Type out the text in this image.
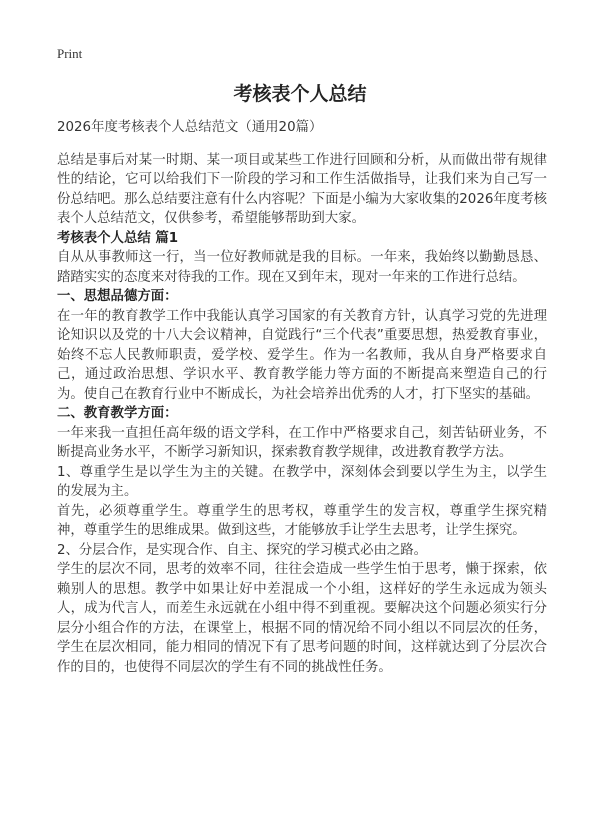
Print
考核表个人总结

2026年度考核表个人总结范文（通用20篇）

总结是事后对某一时期、某一项目或某些工作进行回顾和分析，从而做出带有规律性的结论，它可以给我们下一阶段的学习和工作生活做指导，让我们来为自己写一份总结吧。那么总结要注意有什么内容呢？下面是小编为大家收集的2026年度考核表个人总结范文，仅供参考，希望能够帮助到大家。

考核表个人总结 篇1

自从从事教师这一行，当一位好教师就是我的目标。一年来，我始终以勤勤恳恳、踏踏实实的态度来对待我的工作。现在又到年末，现对一年来的工作进行总结。

一、思想品德方面：

在一年的教育教学工作中我能认真学习国家的有关教育方针，认真学习党的先进理论知识以及党的十八大会议精神，自觉践行“三个代表”重要思想，热爱教育事业，始终不忘人民教师职责，爱学校、爱学生。作为一名教师，我从自身严格要求自己，通过政治思想、学识水平、教育教学能力等方面的不断提高来塑造自己的行为。使自己在教育行业中不断成长，为社会培养出优秀的人才，打下坚实的基础。

二、教育教学方面：

一年来我一直担任高年级的语文学科，在工作中严格要求自己，刻苦钻研业务，不断提高业务水平，不断学习新知识，探索教育教学规律，改进教育教学方法。

1、尊重学生是以学生为主的关键。在教学中，深刻体会到要以学生为主，以学生的发展为主。

首先，必须尊重学生。尊重学生的思考权，尊重学生的发言权，尊重学生探究精神，尊重学生的思维成果。做到这些，才能够放手让学生去思考，让学生探究。

2、分层合作，是实现合作、自主、探究的学习模式必由之路。

学生的层次不同，思考的效率不同，往往会造成一些学生怕于思考，懒于探索，依赖别人的思想。教学中如果让好中差混成一个小组，这样好的学生永远成为领头人，成为代言人，而差生永远就在小组中得不到重视。要解决这个问题必须实行分层分小组合作的方法，在课堂上，根据不同的情况给不同小组以不同层次的任务，学生在层次相同，能力相同的情况下有了思考问题的时间，这样就达到了分层次合作的目的，也使得不同层次的学生有不同的挑战性任务。
